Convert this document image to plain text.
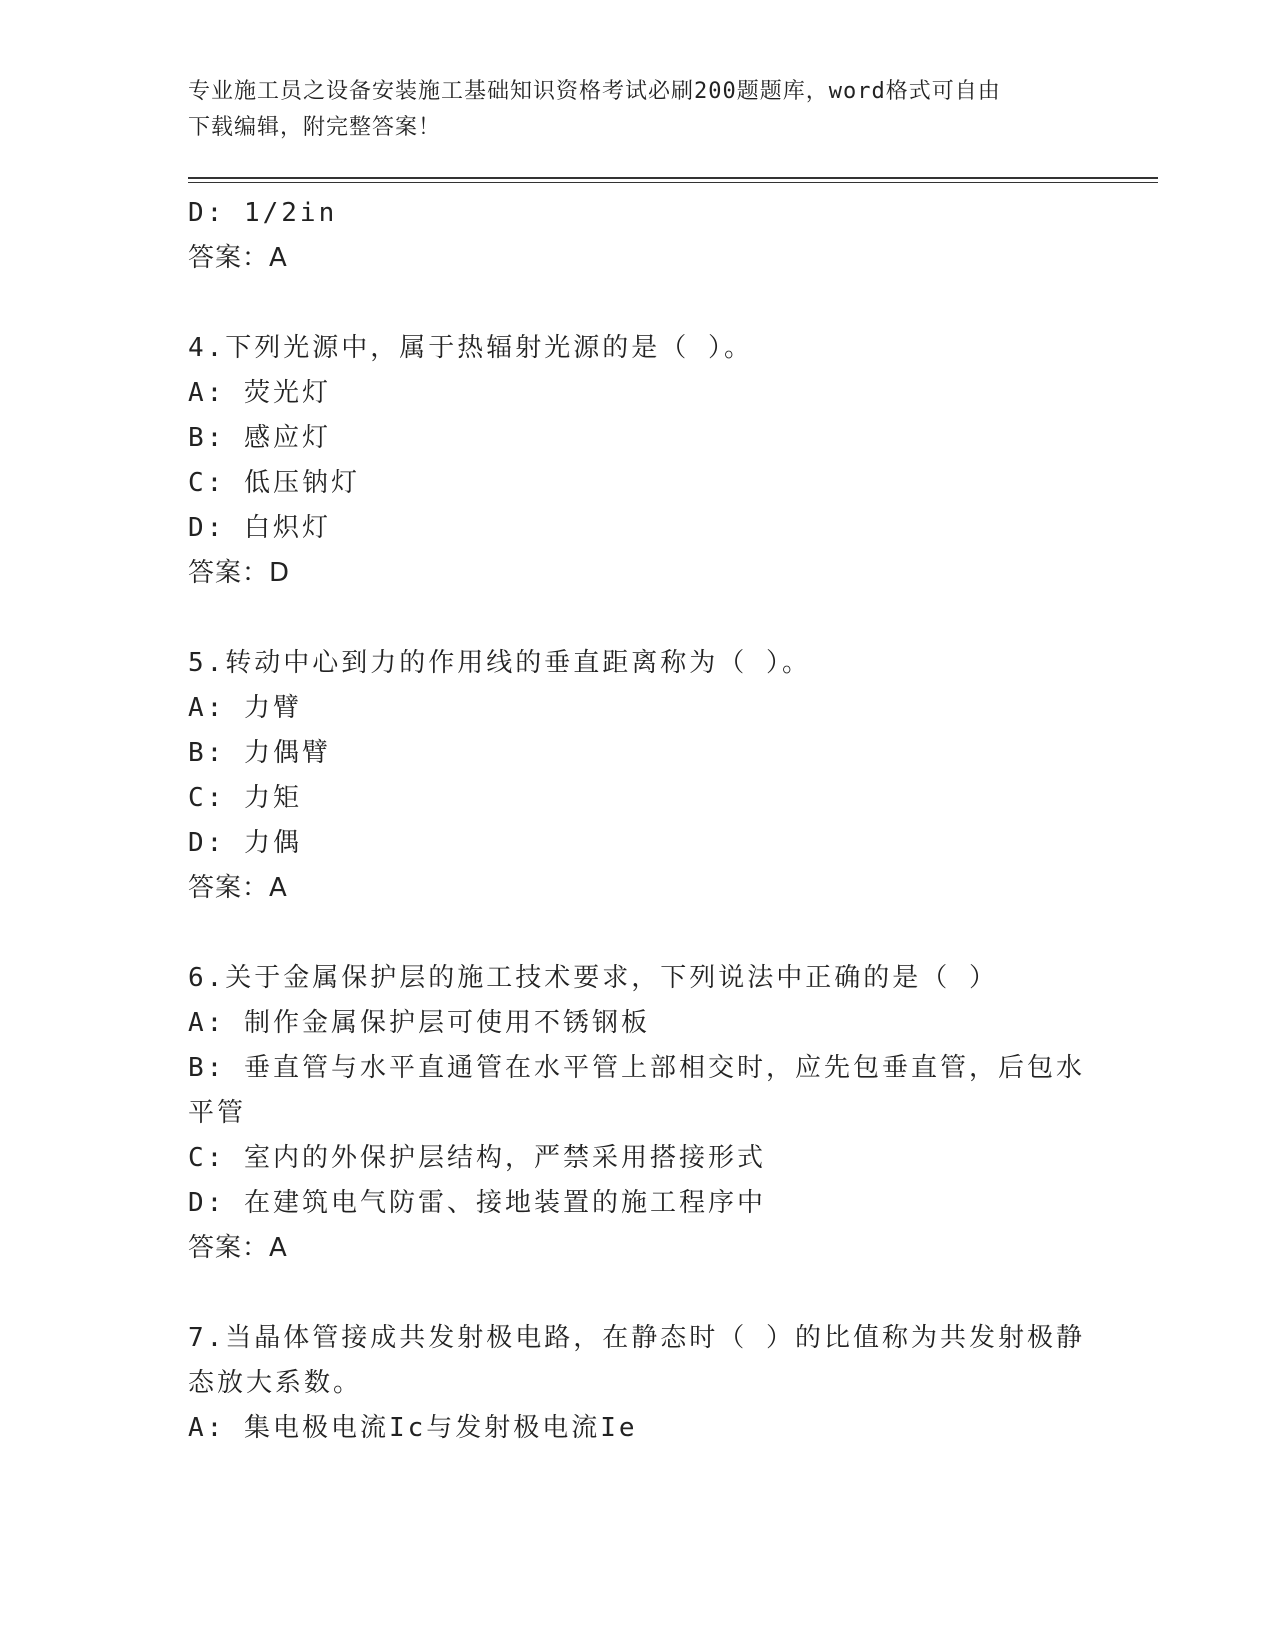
专业施工员之设备安装施工基础知识资格考试必刷200题题库，word格式可自由
下载编辑，附完整答案！
D: 1/2in
答案：A
4.下列光源中，属于热辐射光源的是（ ）。
A: 荧光灯
B: 感应灯
C: 低压钠灯
D: 白炽灯
答案：D
5.转动中心到力的作用线的垂直距离称为（ ）。
A: 力臂
B: 力偶臂
C: 力矩
D: 力偶
答案：A
6.关于金属保护层的施工技术要求，下列说法中正确的是（ ）
A: 制作金属保护层可使用不锈钢板
B: 垂直管与水平直通管在水平管上部相交时，应先包垂直管，后包水
平管
C: 室内的外保护层结构，严禁采用搭接形式
D: 在建筑电气防雷、接地装置的施工程序中
答案：A
7.当晶体管接成共发射极电路，在静态时（ ）的比值称为共发射极静
态放大系数。
A: 集电极电流Ic与发射极电流Ie
